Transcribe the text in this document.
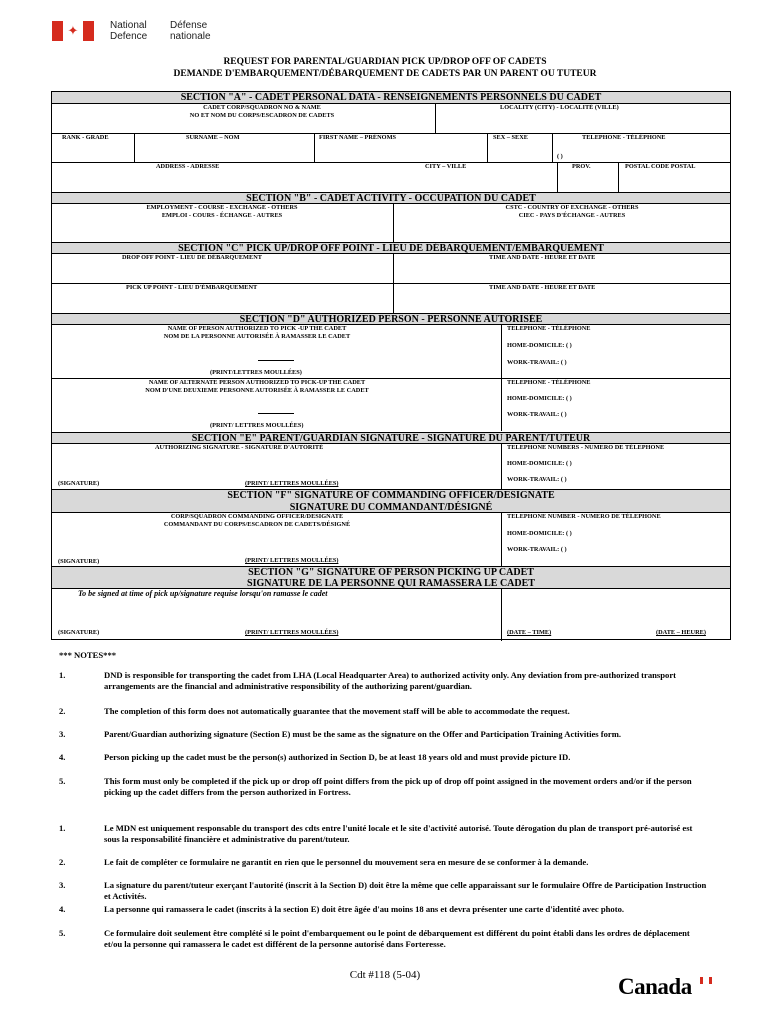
✦	National
Defence
Défense
nationale
REQUEST FOR PARENTAL/GUARDIAN PICK UP/DROP OFF OF CADETS
DEMANDE D'EMBARQUEMENT/DÉBARQUEMENT DE CADETS PAR UN PARENT OU TUTEUR
SECTION "A" - CADET PERSONAL DATA - RENSEIGNEMENTS PERSONNELS DU CADET
CADET CORP/SQUADRON NO & NAME
NO ET NOM DU CORPS/ESCADRON DE CADETS
LOCALITY (CITY) - LOCALITÉ (VILLE)
RANK - GRADE	SURNAME – NOM	FIRST NAME – PRÉNOMS	SEX – SEXE	TELEPHONE - TÉLÉPHONE
( )
ADDRESS - ADRESSE	CITY – VILLE	PROV.	POSTAL CODE POSTAL
SECTION "B" - CADET ACTIVITY - OCCUPATION DU CADET
EMPLOYMENT - COURSE - EXCHANGE - OTHERS
EMPLOI - COURS - ÉCHANGE - AUTRES
CSTC - COUNTRY OF EXCHANGE - OTHERS
CIEC - PAYS D'ÉCHANGE - AUTRES
SECTION "C" PICK UP/DROP OFF POINT - LIEU DE DÉBARQUEMENT/EMBARQUEMENT
DROP OFF POINT - LIEU DE DÉBARQUEMENT	TIME AND DATE - HEURE ET DATE
PICK UP POINT - LIEU D'ÉMBARQUEMENT	TIME AND DATE - HEURE ET DATE
SECTION "D" AUTHORIZED PERSON - PERSONNE AUTORISÉE
NAME OF PERSON AUTHORIZED TO PICK -UP THE CADET
NOM DE LA PERSONNE AUTORISÉE À RAMASSER LE CADET
(PRINT/LETTRES MOULLÉES)
TELEPHONE - TÉLÉPHONE
HOME-DOMICILE: ( )
WORK-TRAVAIL: ( )
NAME OF ALTERNATE PERSON AUTHORIZED TO PICK-UP THE CADET
NOM D'UNE DEUXIEME PERSONNE AUTORISÉE À RAMASSER LE CADET
(PRINT/ LETTRES MOULLÉES)
TELEPHONE - TÉLÉPHONE
HOME-DOMICILE: ( )
WORK-TRAVAIL: ( )
SECTION "E" PARENT/GUARDIAN SIGNATURE - SIGNATURE DU PARENT/TUTEUR
AUTHORIZING SIGNATURE - SIGNATURE D'AUTORITÉ	TELEPHONE NUMBERS - NUMERO DE TÉLEPHONE
HOME-DOMICILE: ( )
WORK-TRAVAIL: ( )
(SIGNATURE)	(PRINT/ LETTRES MOULLÉES)
SECTION "F" SIGNATURE OF COMMANDING OFFICER/DESIGNATE
SIGNATURE DU COMMANDANT/DÉSIGNÉ
CORP/SQUADRON COMMANDING OFFICER/DESIGNATE
COMMANDANT DU CORPS/ESCADRON DE CADETS/DÉSIGNÉ
TELEPHONE NUMBER - NUMERO DE TÉLEPHONE
HOME-DOMICILE: ( )
WORK-TRAVAIL: ( )
(SIGNATURE)	(PRINT/ LETTRES MOULLÉES)
SECTION "G" SIGNATURE OF PERSON PICKING UP CADET
SIGNATURE DE LA PERSONNE QUI RAMASSERA LE CADET
To be signed at time of pick up/signature requise lorsqu'on ramasse le cadet
(SIGNATURE)	(PRINT/ LETTRES MOULLÉES)	(DATE – TIME)	(DATE – HEURE)
*** NOTES***
1.	DND is responsible for transporting the cadet from LHA (Local Headquarter Area) to authorized activity only. Any deviation from pre-authorized transport arrangements are the financial and administrative responsibility of the authorizing parent/guardian.
2.	The completion of this form does not automatically guarantee that the movement staff will be able to accommodate the request.
3.	Parent/Guardian authorizing signature (Section E) must be the same as the signature on the Offer and Participation Training Activities form.
4.	Person picking up the cadet must be the person(s) authorized in Section D, be at least 18 years old and must provide picture ID.
5.	This form must only be completed if the pick up or drop off point differs from the pick up of drop off point assigned in the movement orders and/or if the person picking up the cadet differs from the person authorized in Fortress.
1.	Le MDN est uniquement responsable du transport des cdts entre l'unité locale et le site d'activité autorisé. Toute dérogation du plan de transport pré-autorisé est sous la responsabilité financière et administrative du parent/tuteur.
2.	Le fait de compléter ce formulaire ne garantit en rien que le personnel du mouvement sera en mesure de se conformer à la demande.
3.	La signature du parent/tuteur exerçant l'autorité (inscrit à la Section D) doit être la même que celle apparaissant sur le formulaire Offre de Participation Instruction et Activités.
4.	La personne qui ramassera le cadet (inscrits à la section E) doit être âgée d'au moins 18 ans et devra présenter une carte d'identité avec photo.
5.	Ce formulaire doit seulement être complété si le point d'embarquement ou le point de débarquement est différent du point établi dans les ordres de déplacement et/ou la personne qui ramassera le cadet est différent de la personne autorisé dans Forteresse.
Cdt #118 (5-04)	Canada
